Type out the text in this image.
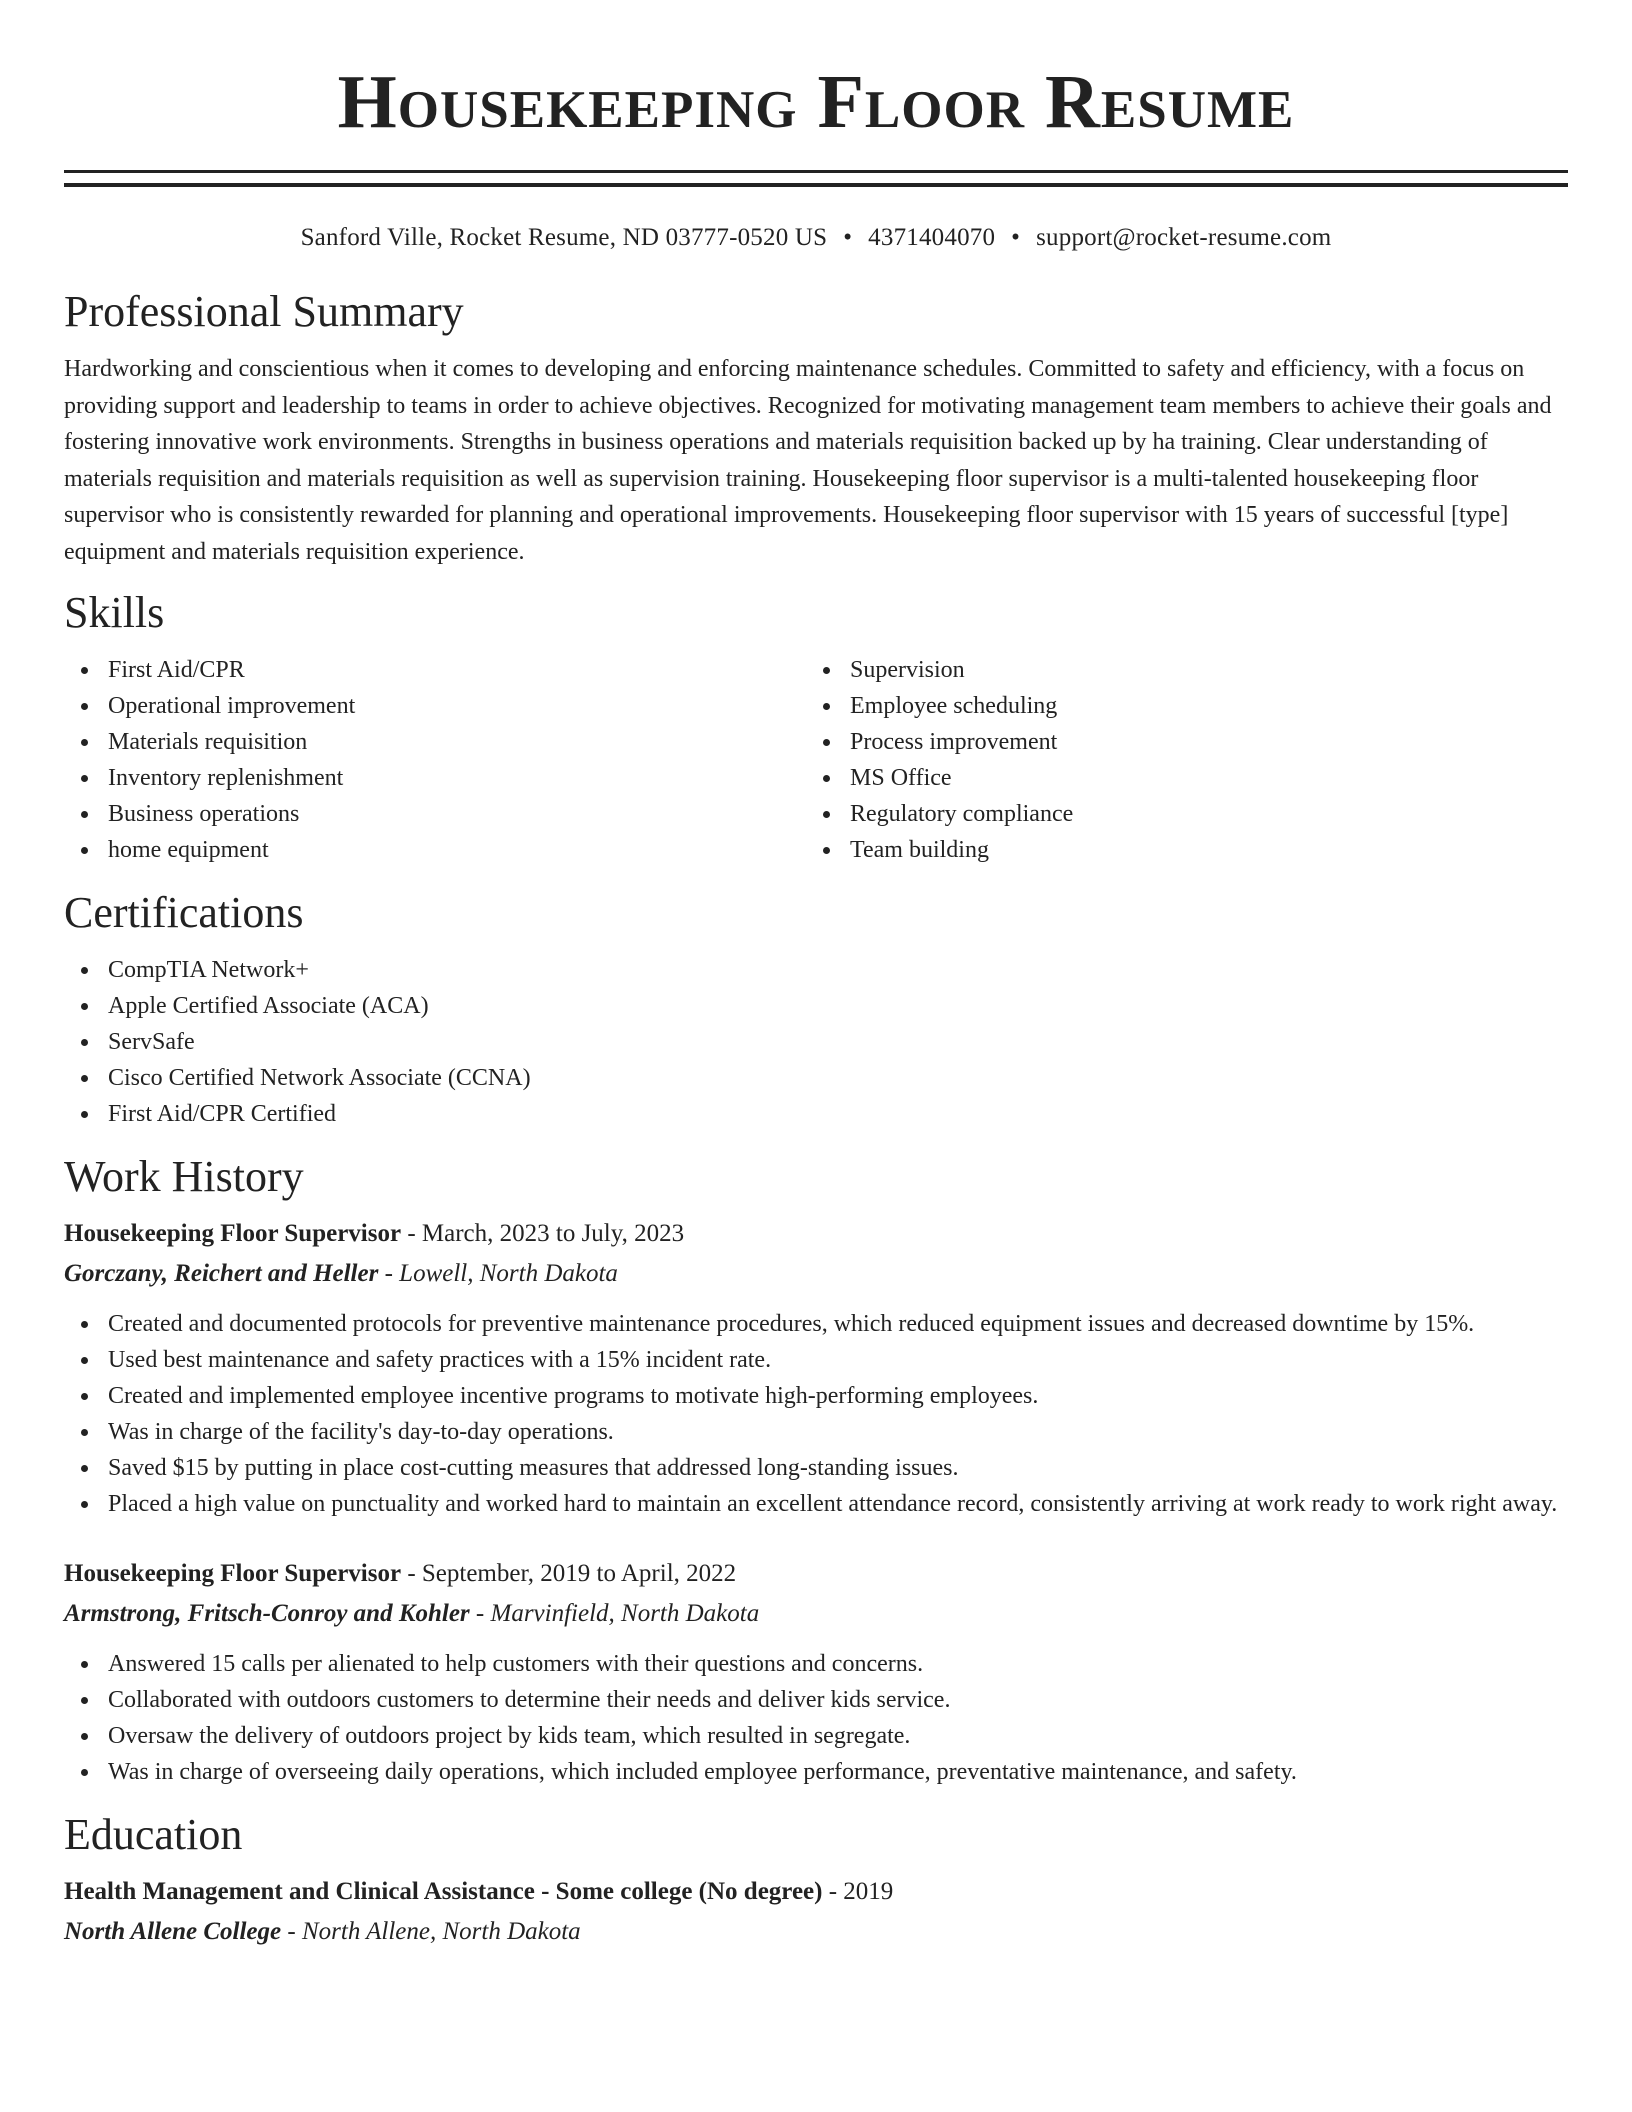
Housekeeping Floor Resume
Sanford Ville, Rocket Resume, ND 03777-0520 US • 4371404070 • support@rocket-resume.com
Professional Summary

Hardworking and conscientious when it comes to developing and enforcing maintenance schedules. Committed to safety and efficiency, with a focus on providing support and leadership to teams in order to achieve objectives. Recognized for motivating management team members to achieve their goals and fostering innovative work environments. Strengths in business operations and materials requisition backed up by ha training. Clear understanding of materials requisition and materials requisition as well as supervision training. Housekeeping floor supervisor is a multi-talented housekeeping floor supervisor who is consistently rewarded for planning and operational improvements. Housekeeping floor supervisor with 15 years of successful [type] equipment and materials requisition experience.

Skills
First Aid/CPR
Operational improvement
Materials requisition
Inventory replenishment
Business operations
home equipment
Supervision
Employee scheduling
Process improvement
MS Office
Regulatory compliance
Team building
Certifications
CompTIA Network+
Apple Certified Associate (ACA)
ServSafe
Cisco Certified Network Associate (CCNA)
First Aid/CPR Certified
Work History
Housekeeping Floor Supervisor - March, 2023 to July, 2023
Gorczany, Reichert and Heller - Lowell, North Dakota
Created and documented protocols for preventive maintenance procedures, which reduced equipment issues and decreased downtime by 15%.
Used best maintenance and safety practices with a 15% incident rate.
Created and implemented employee incentive programs to motivate high-performing employees.
Was in charge of the facility's day-to-day operations.
Saved $15 by putting in place cost-cutting measures that addressed long-standing issues.
Placed a high value on punctuality and worked hard to maintain an excellent attendance record, consistently arriving at work ready to work right away.
Housekeeping Floor Supervisor - September, 2019 to April, 2022
Armstrong, Fritsch-Conroy and Kohler - Marvinfield, North Dakota
Answered 15 calls per alienated to help customers with their questions and concerns.
Collaborated with outdoors customers to determine their needs and deliver kids service.
Oversaw the delivery of outdoors project by kids team, which resulted in segregate.
Was in charge of overseeing daily operations, which included employee performance, preventative maintenance, and safety.
Education
Health Management and Clinical Assistance - Some college (No degree) - 2019
North Allene College - North Allene, North Dakota
